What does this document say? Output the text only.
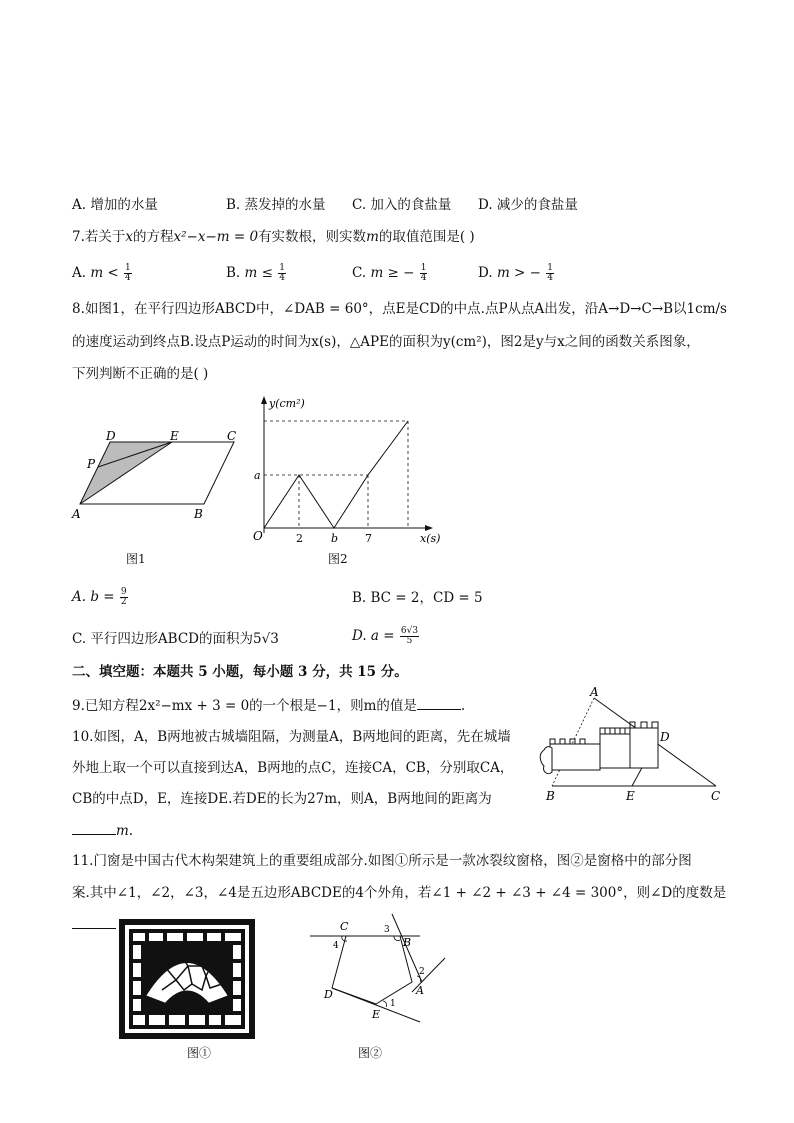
A. 增加的水量	B. 蒸发掉的水量 C. 加入的食盐量 D. 减少的食盐量
7.若关于x的方程x²−x−m = 0有实数根，则实数m的取值范围是( )
A. $m < \frac{1}{4}$	B. $m \le \frac{1}{4}$	C. m ≥ − $\frac{1}{4}$	D. m > − $\frac{1}{4}$
8.如图1，在平行四边形ABCD中，∠DAB = 60°，点E是CD的中点.点P从点A出发，沿A→D→C→B以1cm/s
的速度运动到终点B.设点P运动的时间为x(s)，△APE的面积为y(cm²)，图2是y与x之间的函数关系图象，
下列判断不正确的是( )
A	B
C
D	E
P
图1
y(cm²)
x(s)
O
a
2	b 7
图2
A. $b = \frac{9}{2}$	B. BC = 2，CD = 5
C. 平行四边形ABCD的面积为5√3	D. $a = \frac{6√3}{5}$
二、填空题：本题共 5 小题，每小题 3 分，共 15 分。
9.已知方程2x²−mx + 3 = 0的一个根是−1，则m的值是	.
10.如图，A，B两地被古城墙阻隔，为测量A，B两地间的距离，先在城墙
外地上取一个可以直接到达A，B两地的点C，连接CA，CB，分别取CA，
CB的中点D，E，连接DE.若DE的长为27m，则A，B两地间的距离为
m.
A
B	C
D
E
11.门窗是中国古代木构架建筑上的重要组成部分.如图①所示是一款冰裂纹窗格，图②是窗格中的部分图
案.其中∠1，∠2，∠3，∠4是五边形ABCDE的4个外角，若∠1 + ∠2 + ∠3 + ∠4 = 300°，则∠D的度数是
图①
C
B
A
D
E
1
2
3
4
图②
